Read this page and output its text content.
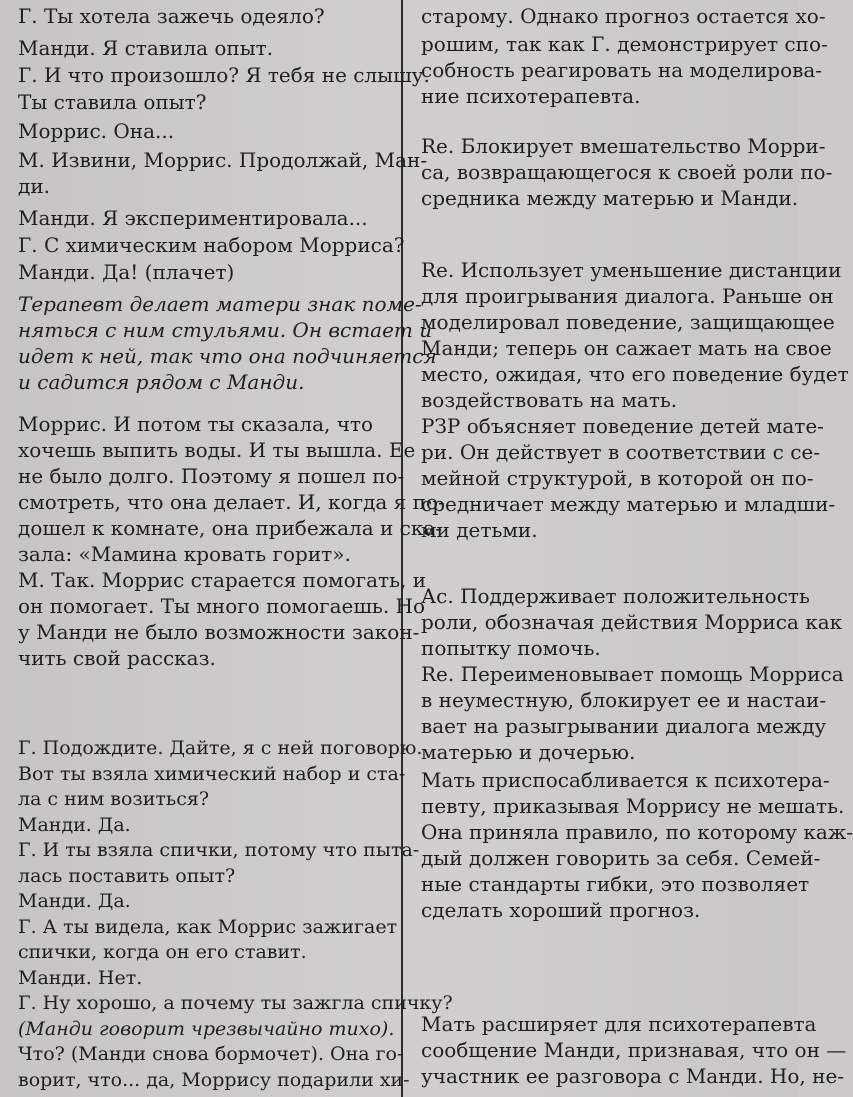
Г. Ты хотела зажечь одеяло?
Манди. Я ставила опыт.
Г. И что произошло? Я тебя не слышу.
Ты ставила опыт?
Моррис. Она...
М. Извини, Моррис. Продолжай, Ман-
ди.
Манди. Я экспериментировала...
Г. С химическим набором Морриса?
Манди. Да! (плачет)
Терапевт делает матери знак поме-
няться с ним стульями. Он встает и
идет к ней, так что она подчиняется
и садится рядом с Манди.
Моррис. И потом ты сказала, что
хочешь выпить воды. И ты вышла. Ее
не было долго. Поэтому я пошел по-
смотреть, что она делает. И, когда я по-
дошел к комнате, она прибежала и ска-
зала: «Мамина кровать горит».
М. Так. Моррис старается помогать, и
он помогает. Ты много помогаешь. Но
у Манди не было возможности закон-
чить свой рассказ.
Г. Подождите. Дайте, я с ней поговорю.
Вот ты взяла химический набор и ста-
ла с ним возиться?
Манди. Да.
Г. И ты взяла спички, потому что пыта-
лась поставить опыт?
Манди. Да.
Г. А ты видела, как Моррис зажигает
спички, когда он его ставит.
Манди. Нет.
Г. Ну хорошо, а почему ты зажгла спичку?
(Манди говорит чрезвычайно тихо).
Что? (Манди снова бормочет). Она го-
ворит, что... да, Моррису подарили хи-
старому. Однако прогноз остается хо-
рошим, так как Г. демонстрирует спо-
собность реагировать на моделирова-
ние психотерапевта.
Re. Блокирует вмешательство Морри-
са, возвращающегося к своей роли по-
средника между матерью и Манди.
Re. Использует уменьшение дистанции
для проигрывания диалога. Раньше он
моделировал поведение, защищающее
Манди; теперь он сажает мать на свое
место, ожидая, что его поведение будет
воздействовать на мать.
PЗР объясняет поведение детей мате-
ри. Он действует в соответствии с се-
мейной структурой, в которой он по-
средничает между матерью и младши-
ми детьми.
Ас. Поддерживает положительность
роли, обозначая действия Морриса как
попытку помочь.
Re. Переименовывает помощь Морриса
в неуместную, блокирует ее и настаи-
вает на разыгрывании диалога между
матерью и дочерью.
Мать приспосабливается к психотера-
певту, приказывая Моррису не мешать.
Она приняла правило, по которому каж-
дый должен говорить за себя. Семей-
ные стандарты гибки, это позволяет
сделать хороший прогноз.
Мать расширяет для психотерапевта
сообщение Манди, признавая, что он —
участник ее разговора с Манди. Но, не-
